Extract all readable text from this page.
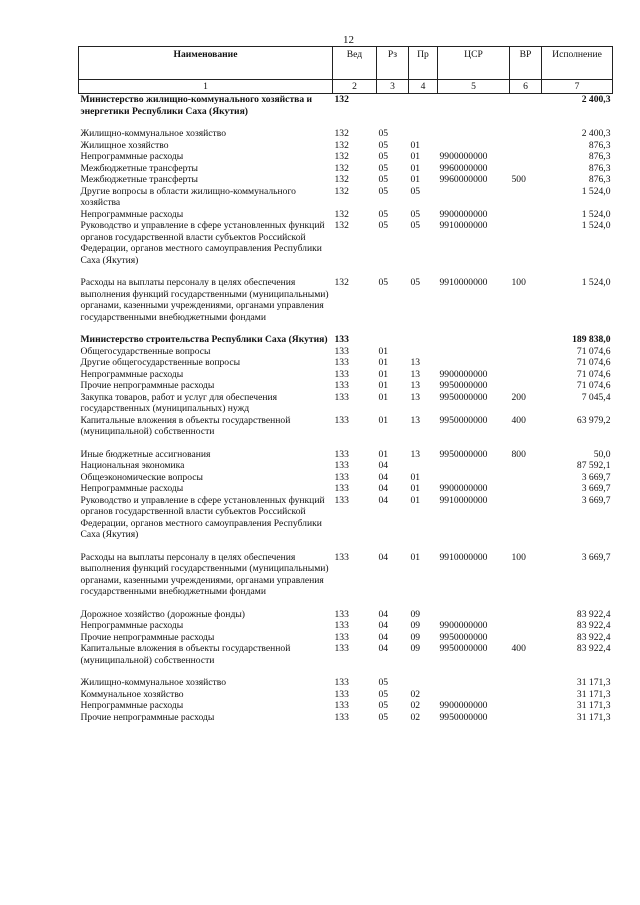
12
Наименование	Вед	Рз	Пр	ЦСР	ВР	Исполнение
1	2	3	4	5	6	7
Министерство жилищно-коммунального хозяйства и энергетики Республики Саха (Якутия)	132					2 400,3

Жилищно-коммунальное хозяйство	132	05				2 400,3
Жилищное хозяйство	132	05	01			876,3
Непрограммные расходы	132	05	01	9900000000		876,3
Межбюджетные трансферты	132	05	01	9960000000		876,3
Межбюджетные трансферты	132	05	01	9960000000	500	876,3
Другие вопросы в области жилищно-коммунального хозяйства	132	05	05			1 524,0
Непрограммные расходы	132	05	05	9900000000		1 524,0
Руководство и управление в сфере установленных функций органов государственной власти субъектов Российской Федерации, органов местного самоуправления Республики Саха (Якутия)	132	05	05	9910000000		1 524,0

Расходы на выплаты персоналу в целях обеспечения выполнения функций государственными (муниципальными) органами, казенными учреждениями, органами управления государственными внебюджетными фондами	132	05	05	9910000000	100	1 524,0

Министерство строительства Республики Саха (Якутия)	133					189 838,0
Общегосударственные вопросы	133	01				71 074,6
Другие общегосударственные вопросы	133	01	13			71 074,6
Непрограммные расходы	133	01	13	9900000000		71 074,6
Прочие непрограммные расходы	133	01	13	9950000000		71 074,6
Закупка товаров, работ и услуг для обеспечения государственных (муниципальных) нужд	133	01	13	9950000000	200	7 045,4
Капитальные вложения в объекты государственной (муниципальной) собственности	133	01	13	9950000000	400	63 979,2

Иные бюджетные ассигнования	133	01	13	9950000000	800	50,0
Национальная экономика	133	04				87 592,1
Общеэкономические вопросы	133	04	01			3 669,7
Непрограммные расходы	133	04	01	9900000000		3 669,7
Руководство и управление в сфере установленных функций органов государственной власти субъектов Российской Федерации, органов местного самоуправления Республики Саха (Якутия)	133	04	01	9910000000		3 669,7

Расходы на выплаты персоналу в целях обеспечения выполнения функций государственными (муниципальными) органами, казенными учреждениями, органами управления государственными внебюджетными фондами	133	04	01	9910000000	100	3 669,7

Дорожное хозяйство (дорожные фонды)	133	04	09			83 922,4
Непрограммные расходы	133	04	09	9900000000		83 922,4
Прочие непрограммные расходы	133	04	09	9950000000		83 922,4
Капитальные вложения в объекты государственной (муниципальной) собственности	133	04	09	9950000000	400	83 922,4

Жилищно-коммунальное хозяйство	133	05				31 171,3
Коммунальное хозяйство	133	05	02			31 171,3
Непрограммные расходы	133	05	02	9900000000		31 171,3
Прочие непрограммные расходы	133	05	02	9950000000		31 171,3
